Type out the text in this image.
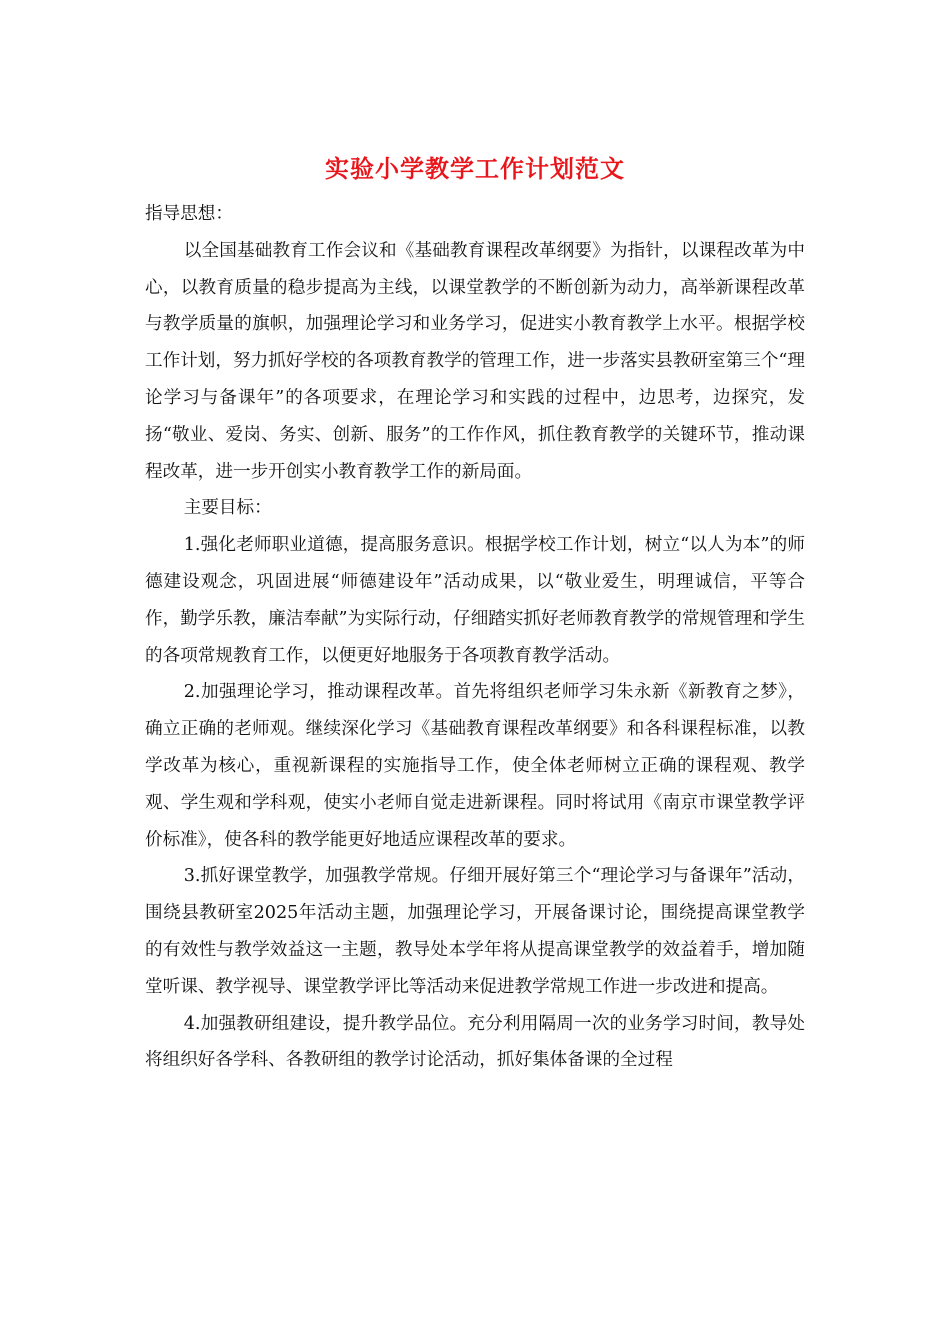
实验小学教学工作计划范文

指导思想：

以全国基础教育工作会议和《基础教育课程改革纲要》为指针，以课程改革为中心，以教育质量的稳步提高为主线，以课堂教学的不断创新为动力，高举新课程改革与教学质量的旗帜，加强理论学习和业务学习，促进实小教育教学上水平。根据学校工作计划，努力抓好学校的各项教育教学的管理工作，进一步落实县教研室第三个“理论学习与备课年”的各项要求，在理论学习和实践的过程中，边思考，边探究，发扬“敬业、爱岗、务实、创新、服务”的工作作风，抓住教育教学的关键环节，推动课程改革，进一步开创实小教育教学工作的新局面。

主要目标：

1.强化老师职业道德，提高服务意识。根据学校工作计划，树立“以人为本”的师德建设观念，巩固进展“师德建设年”活动成果，以“敬业爱生，明理诚信，平等合作，勤学乐教，廉洁奉献”为实际行动，仔细踏实抓好老师教育教学的常规管理和学生的各项常规教育工作，以便更好地服务于各项教育教学活动。

2.加强理论学习，推动课程改革。首先将组织老师学习朱永新《新教育之梦》，确立正确的老师观。继续深化学习《基础教育课程改革纲要》和各科课程标准，以教学改革为核心，重视新课程的实施指导工作，使全体老师树立正确的课程观、教学观、学生观和学科观，使实小老师自觉走进新课程。同时将试用《南京市课堂教学评价标准》，使各科的教学能更好地适应课程改革的要求。

3.抓好课堂教学，加强教学常规。仔细开展好第三个“理论学习与备课年”活动，围绕县教研室2025年活动主题，加强理论学习，开展备课讨论，围绕提高课堂教学的有效性与教学效益这一主题，教导处本学年将从提高课堂教学的效益着手，增加随堂听课、教学视导、课堂教学评比等活动来促进教学常规工作进一步改进和提高。

4.加强教研组建设，提升教学品位。充分利用隔周一次的业务学习时间，教导处将组织好各学科、各教研组的教学讨论活动，抓好集体备课的全过程
